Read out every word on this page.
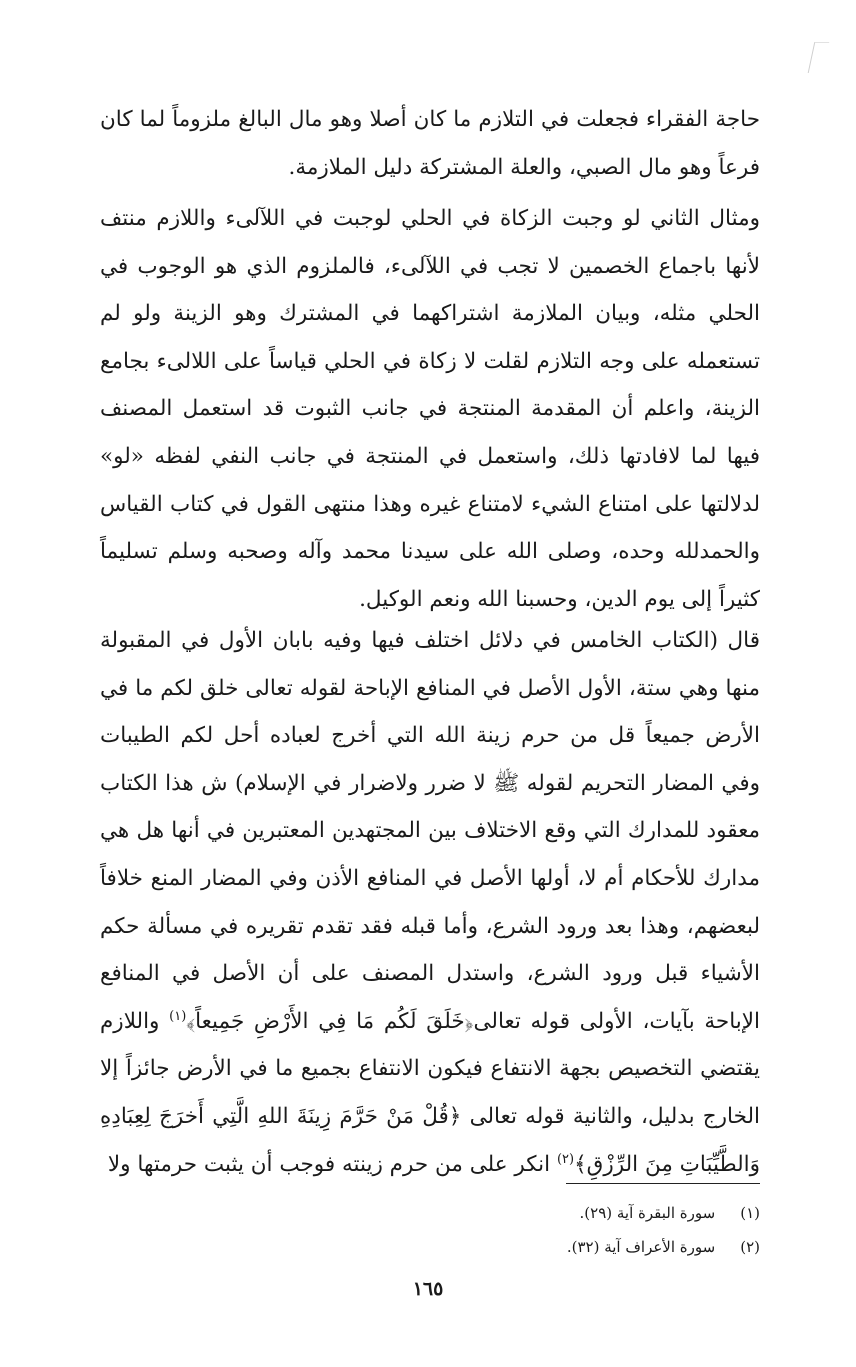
حاجة الفقراء فجعلت في التلازم ما كان أصلا وهو مال البالغ ملزوماً لما كان فرعاً وهو مال الصبي، والعلة المشتركة دليل الملازمة.

ومثال الثاني لو وجبت الزكاة في الحلي لوجبت في اللآلىء واللازم منتف لأنها باجماع الخصمين لا تجب في اللآلىء، فالملزوم الذي هو الوجوب في الحلي مثله، وبيان الملازمة اشتراكهما في المشترك وهو الزينة ولو لم تستعمله على وجه التلازم لقلت لا زكاة في الحلي قياساً على اللالىء بجامع الزينة، واعلم أن المقدمة المنتجة في جانب الثبوت قد استعمل المصنف فيها لما لافادتها ذلك، واستعمل في المنتجة في جانب النفي لفظه «لو» لدلالتها على امتناع الشيء لامتناع غيره وهذا منتهى القول في كتاب القياس والحمدلله وحده، وصلى الله على سيدنا محمد وآله وصحبه وسلم تسليماً كثيراً إلى يوم الدين، وحسبنا الله ونعم الوكيل.

قال (الكتاب الخامس في دلائل اختلف فيها وفيه بابان الأول في المقبولة منها وهي ستة، الأول الأصل في المنافع الإباحة لقوله تعالى خلق لكم ما في الأرض جميعاً قل من حرم زينة الله التي أخرج لعباده أحل لكم الطيبات وفي المضار التحريم لقوله ﷺ لا ضرر ولاضرار في الإسلام) ش هذا الكتاب معقود للمدارك التي وقع الاختلاف بين المجتهدين المعتبرين في أنها هل هي مدارك للأحكام أم لا، أولها الأصل في المنافع الأذن وفي المضار المنع خلافاً لبعضهم، وهذا بعد ورود الشرع، وأما قبله فقد تقدم تقريره في مسألة حكم الأشياء قبل ورود الشرع، واستدل المصنف على أن الأصل في المنافع الإباحة بآيات، الأولى قوله تعالى﴿خَلَقَ لَكُم مَا فِي الأَرْضِ جَمِيعاً﴾$^{(١)}$ واللازم يقتضي التخصيص بجهة الانتفاع فيكون الانتفاع بجميع ما في الأرض جائزاً إلا الخارج بدليل، والثانية قوله تعالى ﴿قُلْ مَنْ حَرَّمَ زِينَةَ اللهِ الَّتِي أَخرَجَ لِعِبَادِهِ وَالطَّيِّبَاتِ مِنَ الرِّزْقِ﴾$^{(٢)}$ انكر على من حرم زينته فوجب أن يثبت حرمتها ولا

(١) سورة البقرة آية (٢٩).
(٢) سورة الأعراف آية (٣٢).
١٦٥
